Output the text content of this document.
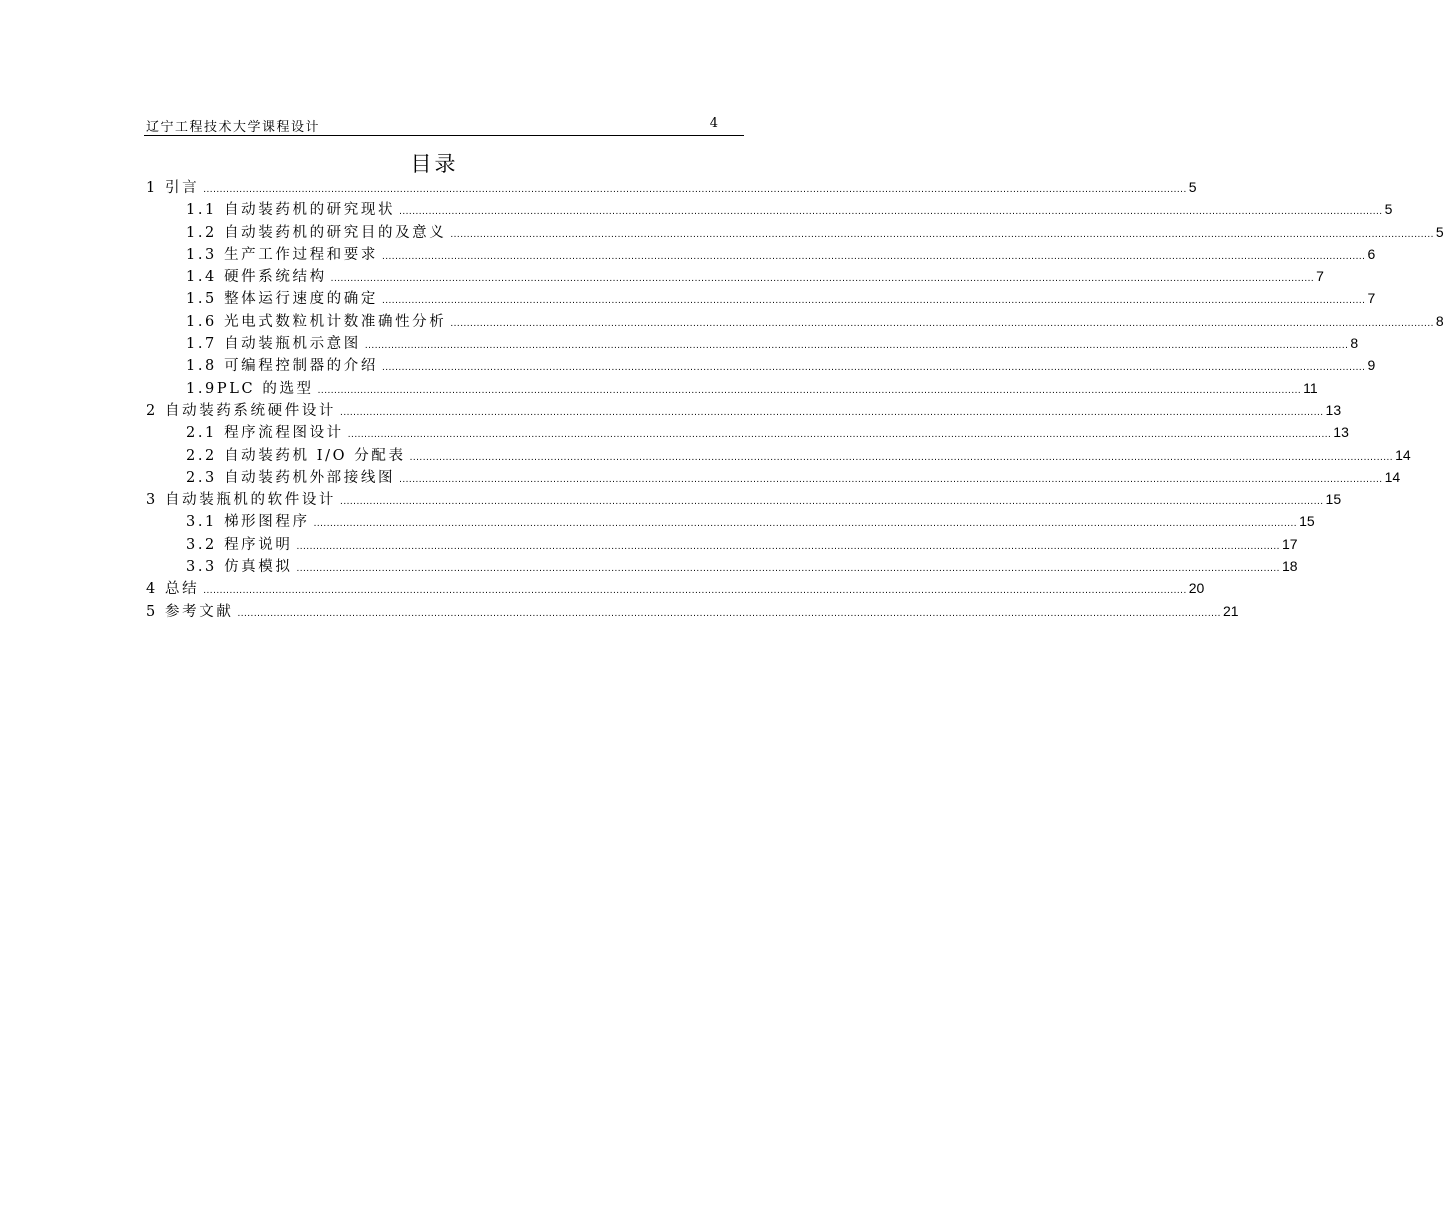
辽宁工程技术大学课程设计	4
目录
1 引言 ............................................................................................................................................................................................................................................................................................................ 5
1.1 自动装药机的研究现状 ............................................................................................................................................................................................................................................................................................................ 5
1.2 自动装药机的研究目的及意义 ............................................................................................................................................................................................................................................................................................................ 5
1.3 生产工作过程和要求 ............................................................................................................................................................................................................................................................................................................ 6
1.4 硬件系统结构 ............................................................................................................................................................................................................................................................................................................ 7
1.5 整体运行速度的确定 ............................................................................................................................................................................................................................................................................................................ 7
1.6 光电式数粒机计数准确性分析 ............................................................................................................................................................................................................................................................................................................ 8
1.7 自动装瓶机示意图 ............................................................................................................................................................................................................................................................................................................ 8
1.8 可编程控制器的介绍 ............................................................................................................................................................................................................................................................................................................ 9
1.9PLC 的选型 ............................................................................................................................................................................................................................................................................................................ 11
2 自动装药系统硬件设计 ............................................................................................................................................................................................................................................................................................................ 13
2.1 程序流程图设计 ............................................................................................................................................................................................................................................................................................................ 13
2.2 自动装药机 I/O 分配表 ............................................................................................................................................................................................................................................................................................................ 14
2.3 自动装药机外部接线图 ............................................................................................................................................................................................................................................................................................................ 14
3 自动装瓶机的软件设计 ............................................................................................................................................................................................................................................................................................................ 15
3.1 梯形图程序 ............................................................................................................................................................................................................................................................................................................ 15
3.2 程序说明 ............................................................................................................................................................................................................................................................................................................ 17
3.3 仿真模拟 ............................................................................................................................................................................................................................................................................................................ 18
4 总结 ............................................................................................................................................................................................................................................................................................................ 20
5 参考文献 ............................................................................................................................................................................................................................................................................................................ 21
